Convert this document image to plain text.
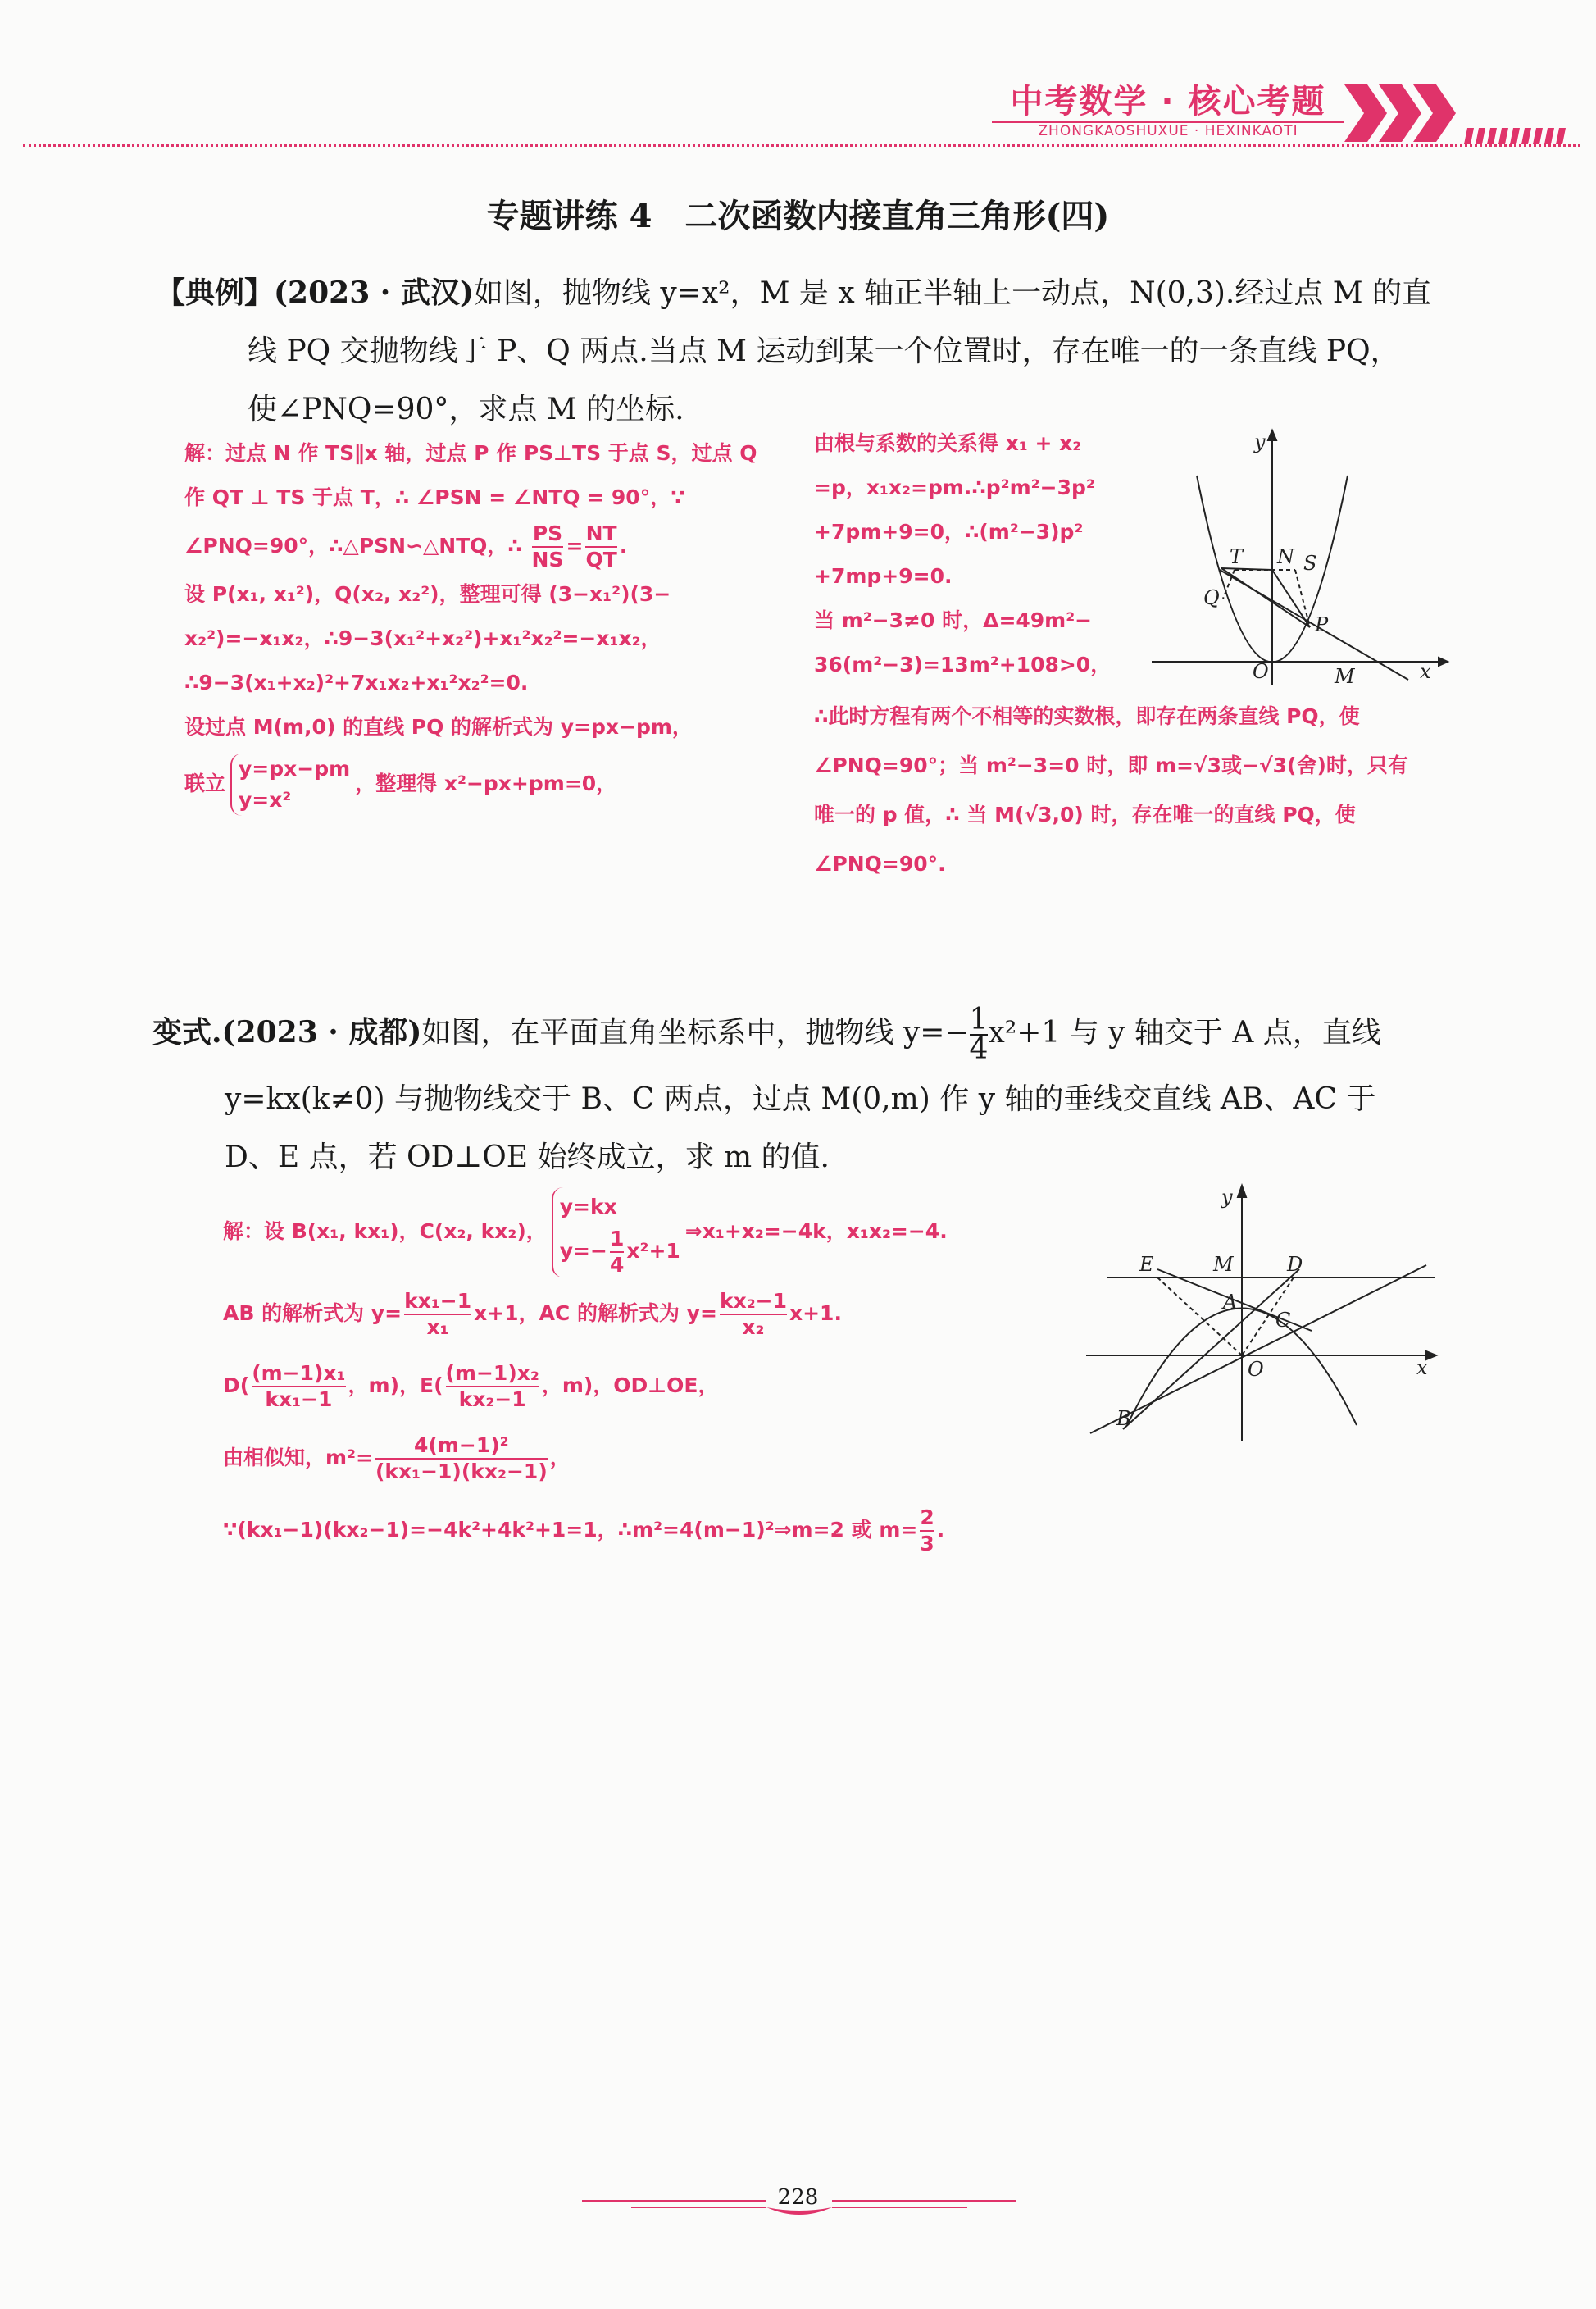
中考数学 · 核心考题
ZHONGKAOSHUXUE · HEXINKAOTI
专题讲练 4　二次函数内接直角三角形(四)
【典例】(2023 · 武汉)如图，抛物线 y=x²，M 是 x 轴正半轴上一动点，N(0,3).经过点 M 的直
线 PQ 交抛物线于 P、Q 两点.当点 M 运动到某一个位置时，存在唯一的一条直线 PQ，
使∠PNQ=90°，求点 M 的坐标.
解：过点 N 作 TS∥x 轴，过点 P 作 PS⊥TS 于点 S，过点 Q
作 QT ⊥ TS 于点 T，∴ ∠PSN = ∠NTQ = 90°，∵
∠PNQ=90°，∴△PSN∽△NTQ，∴ $\frac{PS}{NS} = \frac{NT}{QT}$ .
设 P(x₁, x₁²)，Q(x₂, x₂²)，整理可得 (3−x₁²)(3−
x₂²)=−x₁x₂，∴9−3(x₁²+x₂²)+x₁²x₂²=−x₁x₂，
∴9−3(x₁+x₂)²+7x₁x₂+x₁²x₂²=0.
设过点 M(m,0) 的直线 PQ 的解析式为 y=px−pm，
联立
y=px−pm
y=x²
，整理得 x²−px+pm=0，
由根与系数的关系得 x₁ + x₂
=p，x₁x₂=pm.∴p²m²−3p²
+7pm+9=0，∴(m²−3)p²
+7mp+9=0.
当 m²−3≠0 时，Δ=49m²−
36(m²−3)=13m²+108>0，
∴此时方程有两个不相等的实数根，即存在两条直线 PQ，使
∠PNQ=90°；当 m²−3=0 时，即 m=√3或−√3(舍)时，只有
唯一的 p 值，∴ 当 M(√3,0) 时，存在唯一的直线 PQ，使
∠PNQ=90°.
y
x
T N S
Q
P
O	M
变式.(2023 · 成都)如图，在平面直角坐标系中，抛物线 $y=- \frac{1}{4} x^2+1$ 与 y 轴交于 A 点，直线
y=kx(k≠0) 与抛物线交于 B、C 两点，过点 M(0,m) 作 y 轴的垂线交直线 AB、AC 于
D、E 点，若 OD⊥OE 始终成立，求 m 的值.
解：设 B(x₁, kx₁)，C(x₂, kx₂)，
y=kx
$y=- \frac{1}{4} x^2+1$
⇒x₁+x₂=−4k，x₁x₂=−4.
AB 的解析式为 $y= \frac{\text{kx₁−1}}{\text{x₁}} x+1$，AC 的解析式为 $y= \frac{\text{kx₂−1}}{\text{x₂}} x+1$.
$D( \frac{\text{(m−1)x₁}}{\text{kx₁−1}}$ ，m)，$E( \frac{\text{(m−1)x₂}}{\text{kx₂−1}}$ ，m)，OD⊥OE，
由相似知，$m^2= \frac{\text{4(m−1)²}}{\text{(kx₁−1)(kx₂−1)}}$ ，
∵(kx₁−1)(kx₂−1)=−4k²+4k²+1=1，∴m²=4(m−1)²⇒m=2 或 $m= \frac{2}{3}$ .
y
x
E	M	D
A
C
O
B
228
